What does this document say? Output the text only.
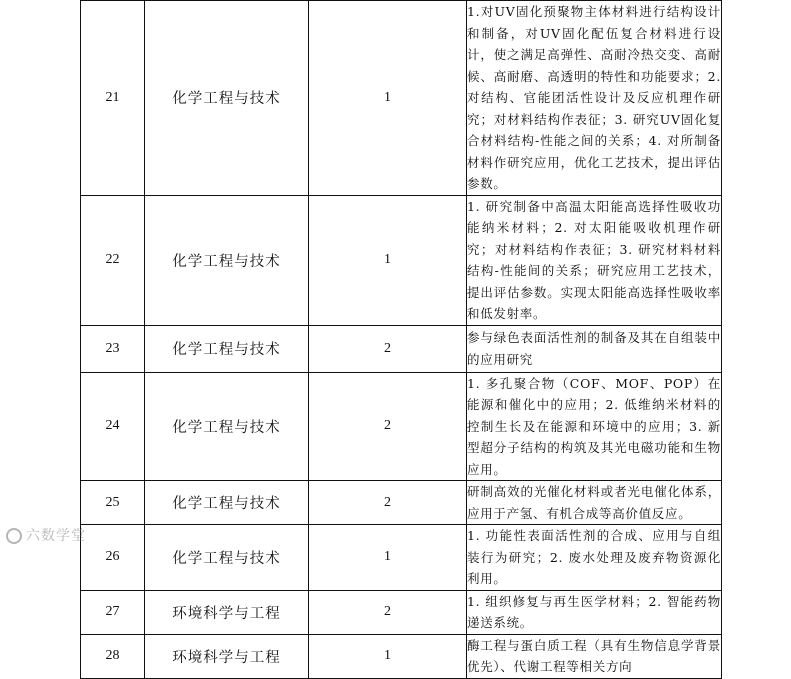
21	化学工程与技术	1	1.对UV固化预聚物主体材料进行结构设计和制备，对UV固化配伍复合材料进行设计，使之满足高弹性、高耐冷热交变、高耐候、高耐磨、高透明的特性和功能要求；2. 对结构、官能团活性设计及反应机理作研究；对材料结构作表征；3. 研究UV固化复合材料结构-性能之间的关系；4. 对所制备材料作研究应用，优化工艺技术，提出评估参数。
22	化学工程与技术	1	1. 研究制备中高温太阳能高选择性吸收功能纳米材料；2. 对太阳能吸收机理作研究；对材料结构作表征；3. 研究材料材料结构-性能间的关系；研究应用工艺技术，提出评估参数。实现太阳能高选择性吸收率和低发射率。
23	化学工程与技术	2	参与绿色表面活性剂的制备及其在自组装中的应用研究
24	化学工程与技术	2	1. 多孔聚合物（COF、MOF、POP）在能源和催化中的应用；2. 低维纳米材料的控制生长及在能源和环境中的应用；3. 新型超分子结构的构筑及其光电磁功能和生物应用。
25	化学工程与技术	2	研制高效的光催化材料或者光电催化体系，应用于产氢、有机合成等高价值反应。
26	化学工程与技术	1	1. 功能性表面活性剂的合成、应用与自组装行为研究；2. 废水处理及废弃物资源化利用。
27	环境科学与工程	2	1. 组织修复与再生医学材料；2. 智能药物递送系统。
28	环境科学与工程	1	酶工程与蛋白质工程（具有生物信息学背景优先）、代谢工程等相关方向
六数学堂
